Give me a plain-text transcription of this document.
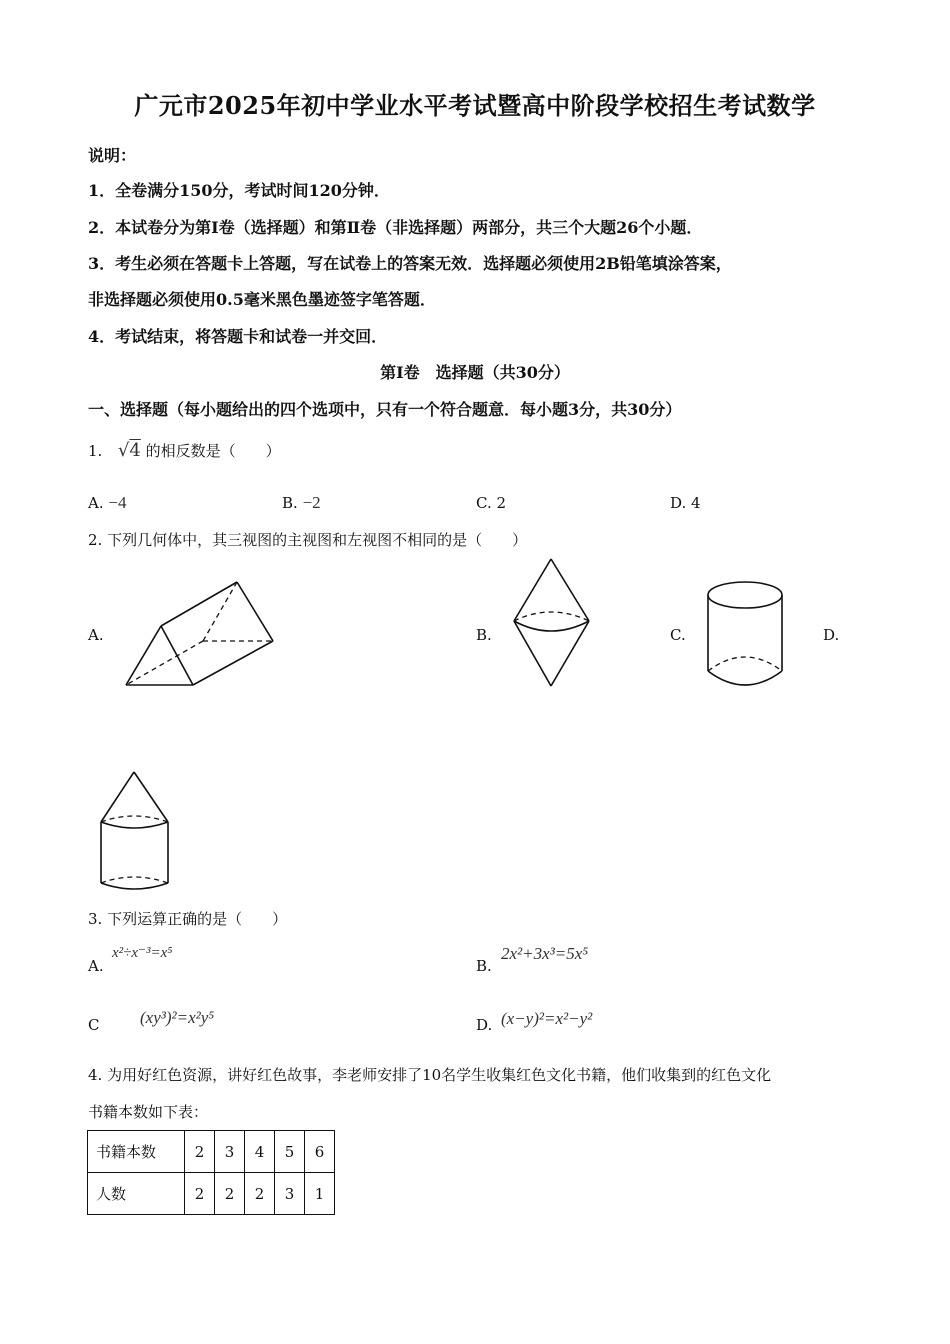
广元市2025年初中学业水平考试暨高中阶段学校招生考试数学
说明：
1．全卷满分150分，考试时间120分钟．
2．本试卷分为第Ⅰ卷（选择题）和第Ⅱ卷（非选择题）两部分，共三个大题26个小题．
3．考生必须在答题卡上答题，写在试卷上的答案无效．选择题必须使用2B铅笔填涂答案，
非选择题必须使用0.5毫米黑色墨迹签字笔答题．
4．考试结束，将答题卡和试卷一并交回．
第Ⅰ卷　选择题（共30分）
一、选择题（每小题给出的四个选项中，只有一个符合题意．每小题3分，共30分）
1. √4 的相反数是（　　）
A. −4	B. −2	C. 2	D. 4
2. 下列几何体中，其三视图的主视图和左视图不相同的是（　　）
A.	B.	C.	D.
3. 下列运算正确的是（　　）
A.
x²÷x⁻³=x⁵
B.
2x²+3x³=5x⁵
C (xy³)²=x²y⁵	D. (x−y)²=x²−y²
4. 为用好红色资源，讲好红色故事，李老师安排了10名学生收集红色文化书籍，他们收集到的红色文化
书籍本数如下表：
书籍本数	2	3	4	5	6
人数	2	2	2	3	1
